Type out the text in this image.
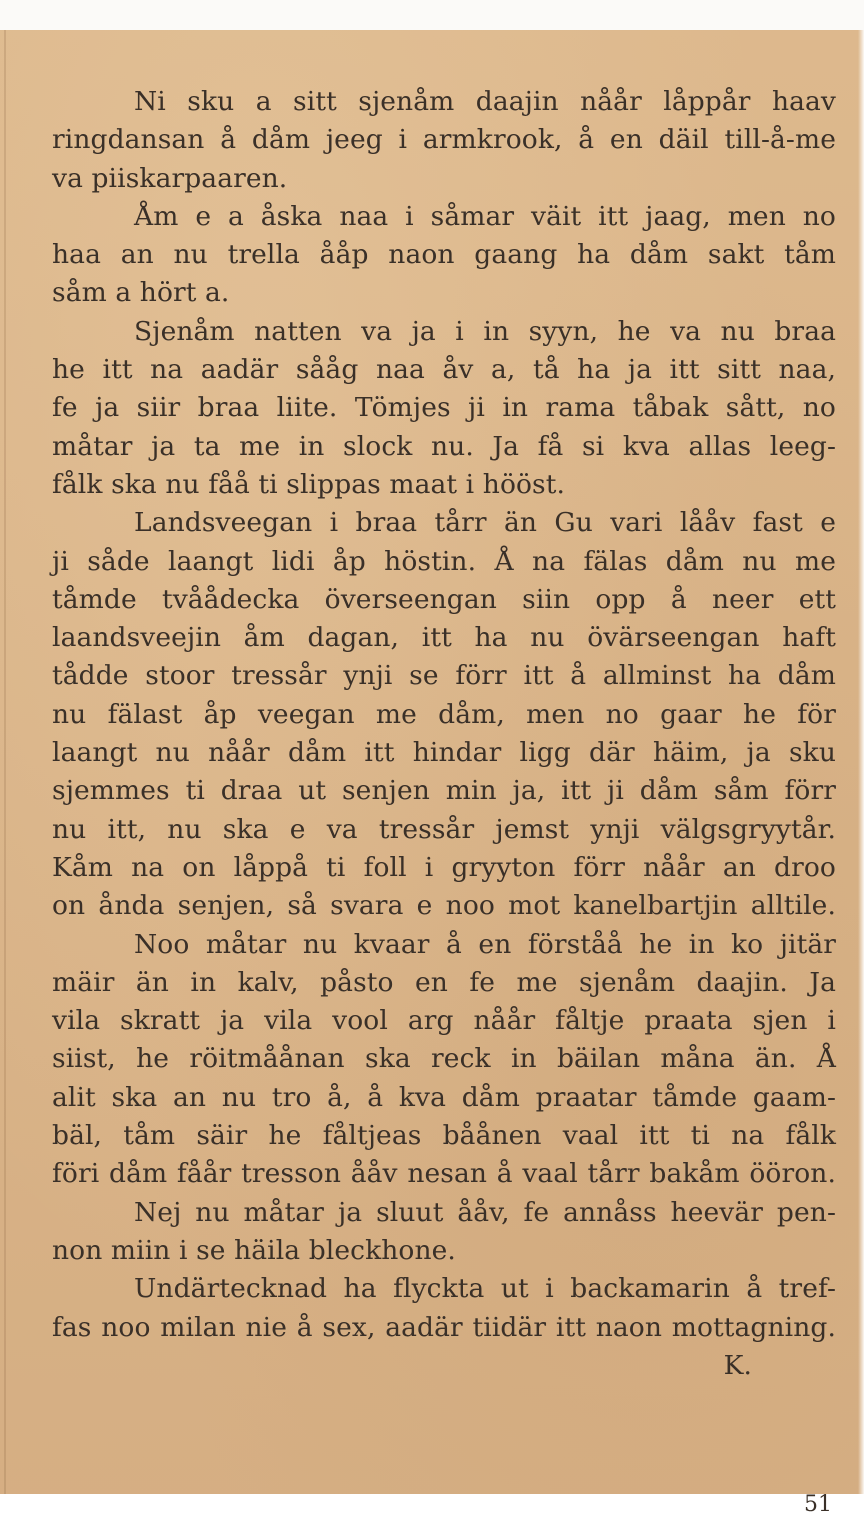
Ni sku a sitt sjenåm daajin nåår låppår haav
ringdansan å dåm jeeg i armkrook, å en däil till-å-me
va piiskarpaaren.
Åm e a åska naa i såmar väit itt jaag, men no
haa an nu trella ååp naon gaang ha dåm sakt tåm
såm a hört a.
Sjenåm natten va ja i in syyn, he va nu braa
he itt na aadär sååg naa åv a, tå ha ja itt sitt naa,
fe ja siir braa liite. Tömjes ji in rama tåbak sått, no
måtar ja ta me in slock nu. Ja få si kva allas leeg-
fålk ska nu fåå ti slippas maat i hööst.
Landsveegan i braa tårr än Gu vari lååv fast e
ji såde laangt lidi åp höstin. Å na fälas dåm nu me
tåmde tvåådecka överseengan siin opp å neer ett
laandsveejin åm dagan, itt ha nu övärseengan haft
tådde stoor tressår ynji se förr itt å allminst ha dåm
nu fälast åp veegan me dåm, men no gaar he för
laangt nu nåår dåm itt hindar ligg där häim, ja sku
sjemmes ti draa ut senjen min ja, itt ji dåm såm förr
nu itt, nu ska e va tressår jemst ynji välgsgryytår.
Kåm na on låppå ti foll i gryyton förr nåår an droo
on ånda senjen, så svara e noo mot kanelbartjin alltile.
Noo måtar nu kvaar å en förståå he in ko jitär
mäir än in kalv, påsto en fe me sjenåm daajin. Ja
vila skratt ja vila vool arg nåår fåltje praata sjen i
siist, he röitmåånan ska reck in bäilan måna än. Å
alit ska an nu tro å, å kva dåm praatar tåmde gaam-
bäl, tåm säir he fåltjeas båånen vaal itt ti na fålk
föri dåm fåår tresson ååv nesan å vaal tårr bakåm ööron.
Nej nu måtar ja sluut ååv, fe annåss heevär pen-
non miin i se häila bleckhone.
Undärtecknad ha flyckta ut i backamarin å tref-
fas noo milan nie å sex, aadär tiidär itt naon mottagning.
K.
51
